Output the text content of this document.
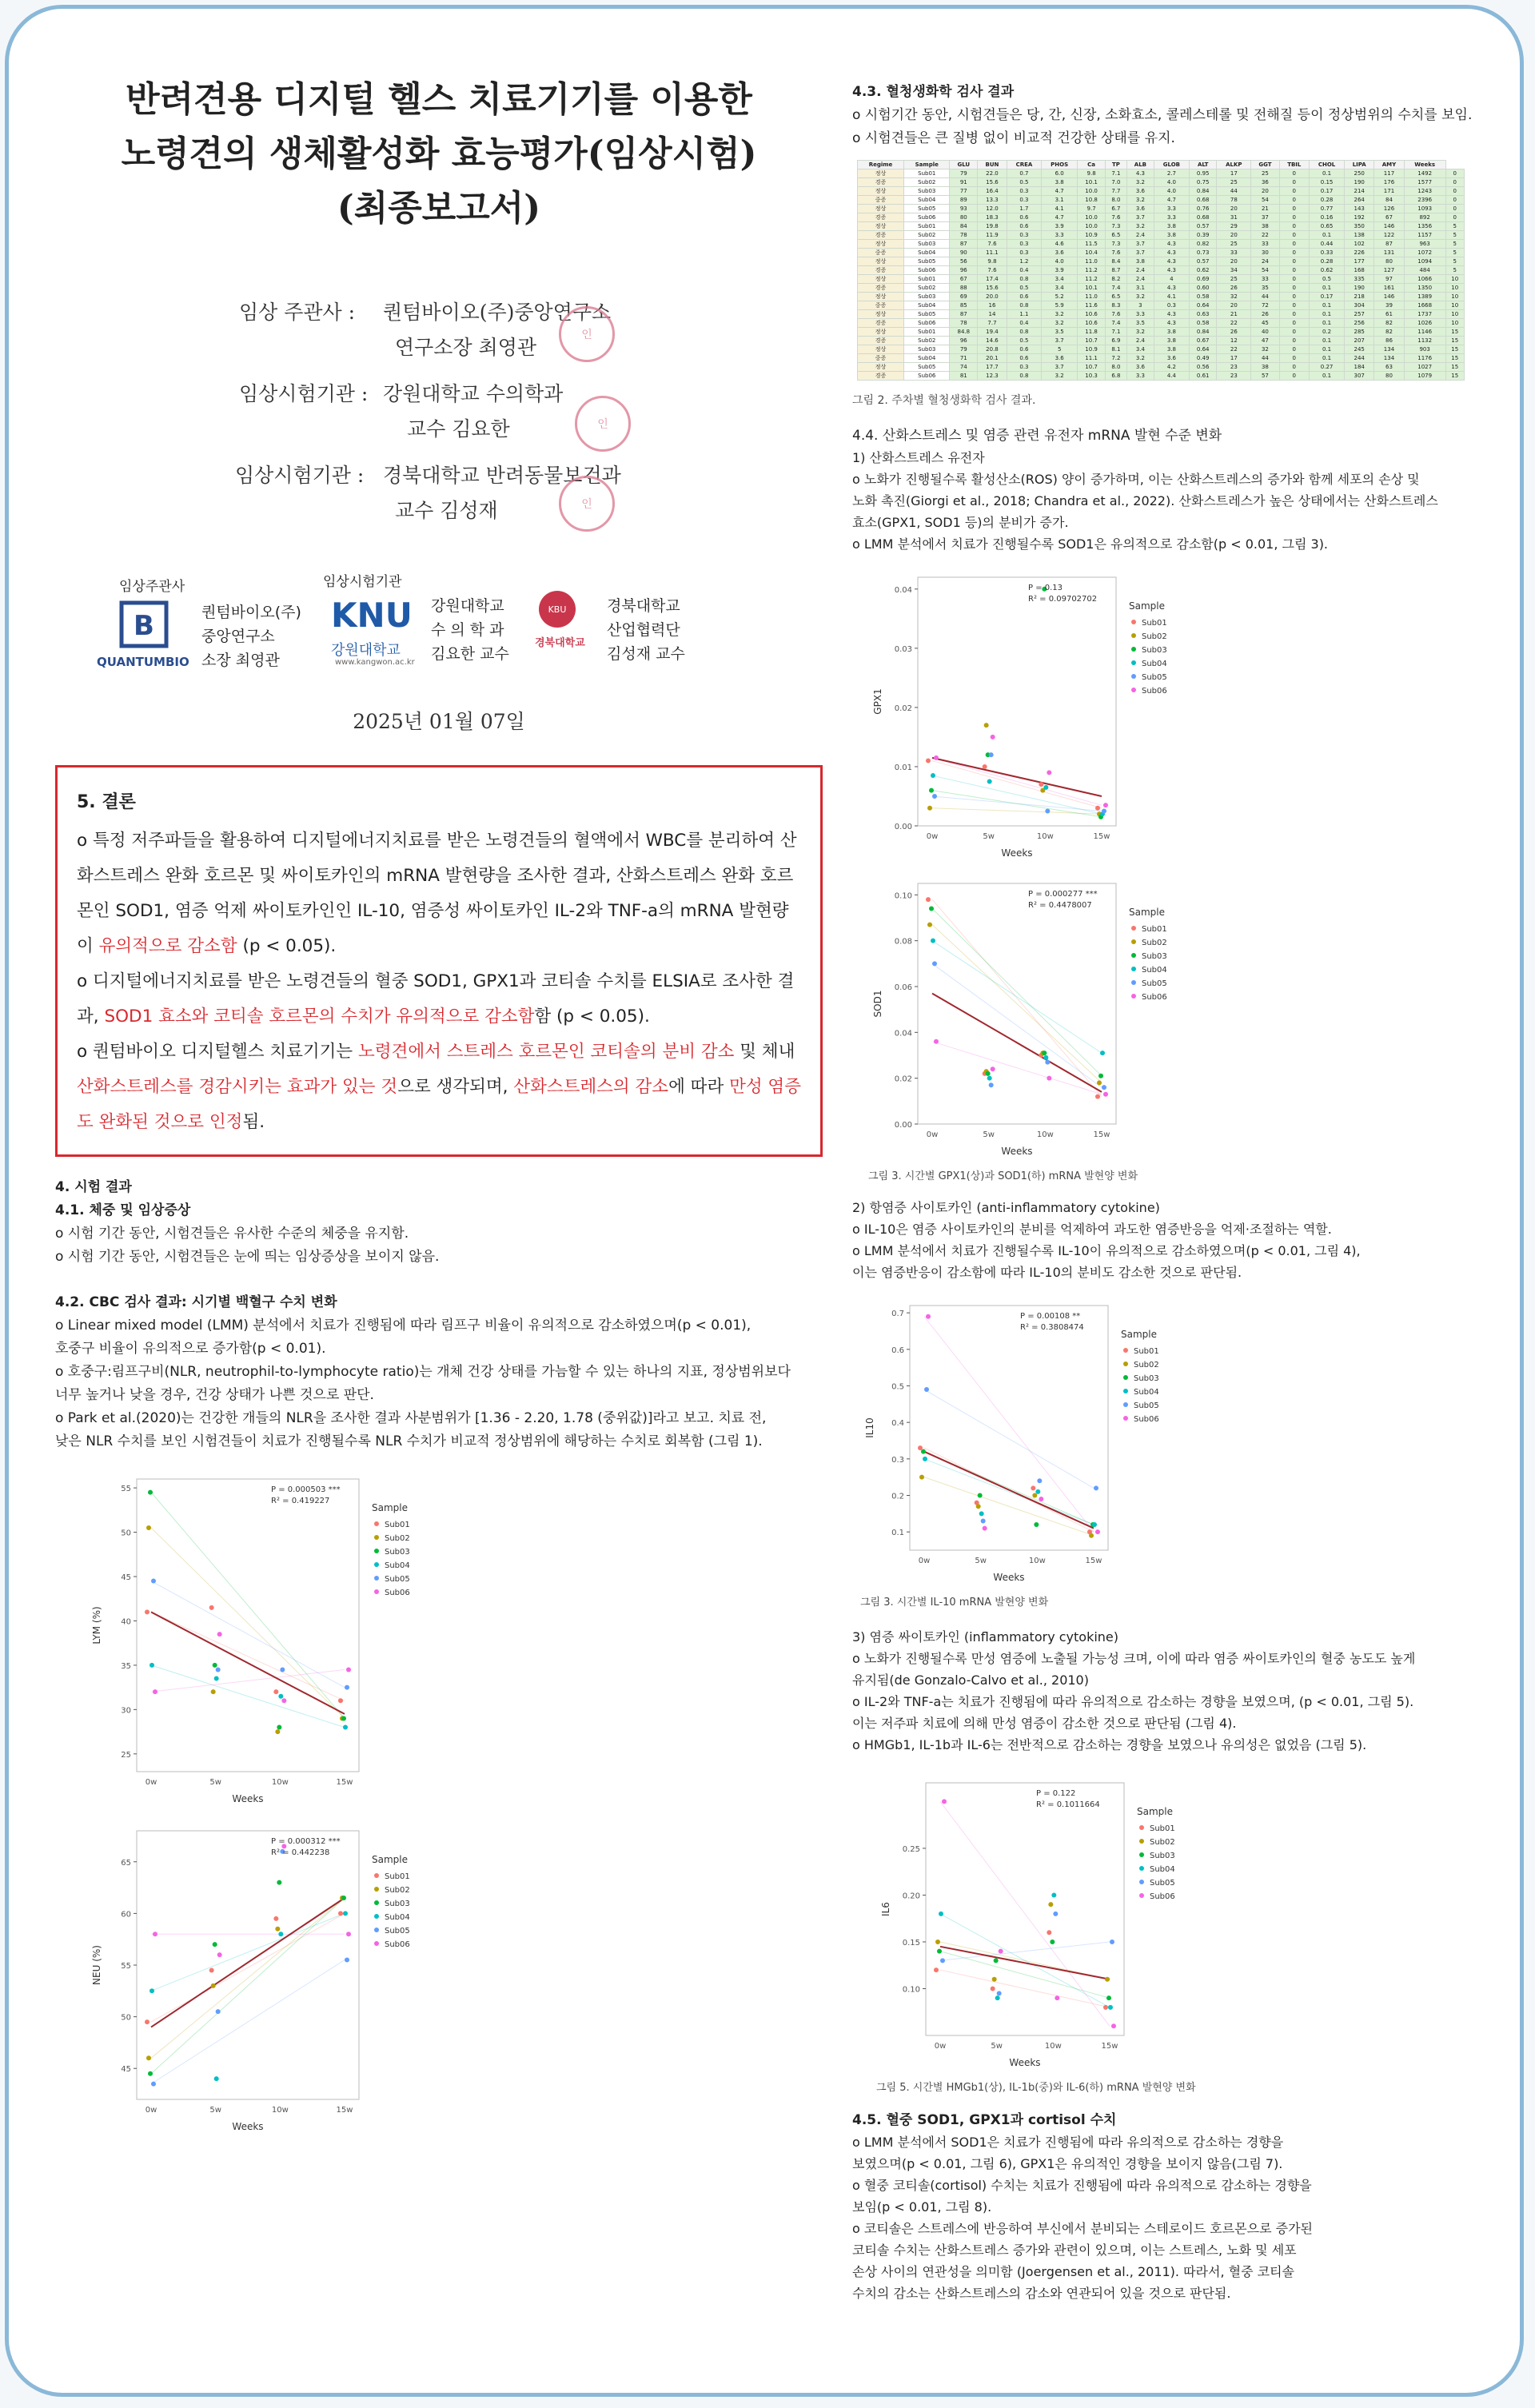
반려견용 디지털 헬스 치료기기를 이용한
노령견의 생체활성화 효능평가(임상시험)
(최종보고서)
임상 주관사 : 퀀텀바이오(주)중앙연구소
연구소장 최영관
인
임상시험기관 : 강원대학교 수의학과
교수 김요한	인
임상시험기관 : 경북대학교 반려동물보건과
교수 김성재	인
임상주관사
B
QUANTUMBIO
퀀텀바이오(주)
중앙연구소
소장 최영관
임상시험기관
KNU
강원대학교
www.kangwon.ac.kr
강원대학교
수 의 학 과
김요한 교수
KBU
경북대학교
경북대학교
산업협력단
김성재 교수
2025년 01월 07일
5. 결론

o 특정 저주파들을 활용하여 디지털에너지치료를 받은 노령견들의 혈액에서 WBC를 분리하여 산화스트레스 완화 호르몬 및 싸이토카인의 mRNA 발현량을 조사한 결과, 산화스트레스 완화 호르몬인 SOD1, 염증 억제 싸이토카인인 IL-10, 염증성 싸이토카인 IL-2와 TNF-a의 mRNA 발현량이 유의적으로 감소함 (p < 0.05).

o 디지털에너지치료를 받은 노령견들의 혈중 SOD1, GPX1과 코티솔 수치를 ELSIA로 조사한 결과, SOD1 효소와 코티솔 호르몬의 수치가 유의적으로 감소함함 (p < 0.05).

o 퀀텀바이오 디지털헬스 치료기기는 노령견에서 스트레스 호르몬인 코티솔의 분비 감소 및 체내 산화스트레스를 경감시키는 효과가 있는 것으로 생각되며, 산화스트레스의 감소에 따라 만성 염증도 완화된 것으로 인정됨.

4. 시험 결과
4.1. 체중 및 임상증상

o 시험 기간 동안, 시험견들은 유사한 수준의 체중을 유지함.

o 시험 기간 동안, 시험견들은 눈에 띄는 임상증상을 보이지 않음.

4.2. CBC 검사 결과: 시기별 백혈구 수치 변화

o Linear mixed model (LMM) 분석에서 치료가 진행됨에 따라 림프구 비율이 유의적으로 감소하였으며(p < 0.01),

호중구 비율이 유의적으로 증가함(p < 0.01).

o 호중구:림프구비(NLR, neutrophil-to-lymphocyte ratio)는 개체 건강 상태를 가늠할 수 있는 하나의 지표, 정상범위보다

너무 높거나 낮을 경우, 건강 상태가 나쁜 것으로 판단.

o Park et al.(2020)는 건강한 개들의 NLR을 조사한 결과 사분범위가 [1.36 - 2.20, 1.78 (중위값)]라고 보고. 치료 전,

낮은 NLR 수치를 보인 시험견들이 치료가 진행될수록 NLR 수치가 비교적 정상범위에 해당하는 수치로 회복함 (그림 1).

25
30
35
40
45
50
55
0w	5w	10w	15w
Weeks
LYM (%)
P = 0.000503 ***
R² = 0.419227
Sample
Sub01
Sub02
Sub03
Sub04
Sub05
Sub06
45
50
55
60
65
0w	5w	10w	15w
Weeks
NEU (%)
P = 0.000312 ***
R² = 0.442238
Sample
Sub01
Sub02
Sub03
Sub04
Sub05
Sub06
4.3. 혈청생화학 검사 결과

o 시험기간 동안, 시험견들은 당, 간, 신장, 소화효소, 콜레스테롤 및 전해질 등이 정상범위의 수치를 보임.

o 시험견들은 큰 질병 없이 비교적 건강한 상태를 유지.

Regime	Sample	GLU	BUN	CREA	PHOS	Ca	TP	ALB	GLOB	ALT	ALKP	GGT	TBIL	CHOL	LIPA	AMY	Weeks	
정상	Sub01	79	22.0	0.7	6.0	9.8	7.1	4.3	2.7	0.95	17	25	0	0.1	250	117	1492	0
경증	Sub02	91	15.6	0.5	3.8	10.1	7.0	3.2	4.0	0.75	25	36	0	0.15	190	176	1577	0
정상	Sub03	77	16.4	0.3	4.7	10.0	7.7	3.6	4.0	0.84	44	20	0	0.17	214	171	1243	0
중증	Sub04	89	13.3	0.3	3.1	10.8	8.0	3.2	4.7	0.68	78	54	0	0.28	264	84	2396	0
정상	Sub05	93	12.0	1.7	4.1	9.7	6.7	3.6	3.3	0.76	20	21	0	0.77	143	126	1093	0
경증	Sub06	80	18.3	0.6	4.7	10.0	7.6	3.7	3.3	0.68	31	37	0	0.16	192	67	892	0
정상	Sub01	84	19.8	0.6	3.9	10.0	7.3	3.2	3.8	0.57	29	38	0	0.65	350	146	1356	5
경증	Sub02	78	11.9	0.3	3.3	10.9	6.5	2.4	3.8	0.39	20	22	0	0.1	138	122	1157	5
정상	Sub03	87	7.6	0.3	4.6	11.5	7.3	3.7	4.3	0.82	25	33	0	0.44	102	87	963	5
중증	Sub04	90	11.1	0.3	3.6	10.4	7.6	3.7	4.3	0.73	33	30	0	0.33	226	131	1072	5
정상	Sub05	56	9.8	1.2	4.0	11.0	8.4	3.8	4.3	0.57	20	24	0	0.28	177	80	1094	5
경증	Sub06	96	7.6	0.4	3.9	11.2	8.7	2.4	4.3	0.62	34	54	0	0.62	168	127	484	5
정상	Sub01	67	17.4	0.8	3.4	11.2	8.2	2.4	4	0.69	25	33	0	0.5	335	97	1066	10
경증	Sub02	88	15.6	0.5	3.4	10.1	7.4	3.1	4.3	0.60	26	35	0	0.1	190	161	1350	10
정상	Sub03	69	20.0	0.6	5.2	11.0	6.5	3.2	4.1	0.58	32	44	0	0.17	218	146	1389	10
중증	Sub04	85	16	0.8	5.9	11.6	8.3	3	0.3	0.64	20	72	0	0.1	304	39	1668	10
정상	Sub05	87	14	1.1	3.2	10.6	7.6	3.3	4.3	0.63	21	26	0	0.1	257	61	1737	10
경증	Sub06	78	7.7	0.4	3.2	10.6	7.4	3.5	4.3	0.58	22	45	0	0.1	256	82	1026	10
정상	Sub01	84.8	19.4	0.8	3.5	11.8	7.1	3.2	3.8	0.84	26	40	0	0.2	285	82	1146	15
경증	Sub02	96	14.6	0.5	3.7	10.7	6.9	2.4	3.8	0.67	12	47	0	0.1	207	86	1132	15
정상	Sub03	79	20.8	0.6	5	10.9	8.1	3.4	3.8	0.64	22	32	0	0.1	245	134	903	15
중증	Sub04	71	20.1	0.6	3.6	11.1	7.2	3.2	3.6	0.49	17	44	0	0.1	244	134	1176	15
정상	Sub05	74	17.7	0.3	3.7	10.7	8.0	3.6	4.2	0.56	23	38	0	0.27	184	63	1027	15
경증	Sub06	81	12.3	0.8	3.2	10.3	6.8	3.3	4.4	0.61	23	57	0	0.1	307	80	1079	15

그림 2. 주차별 혈청생화학 검사 결과.

4.4. 산화스트레스 및 염증 관련 유전자 mRNA 발현 수준 변화

1) 산화스트레스 유전자

o 노화가 진행될수록 활성산소(ROS) 양이 증가하며, 이는 산화스트레스의 증가와 함께 세포의 손상 및

노화 촉진(Giorgi et al., 2018; Chandra et al., 2022). 산화스트레스가 높은 상태에서는 산화스트레스

효소(GPX1, SOD1 등)의 분비가 증가.

o LMM 분석에서 치료가 진행될수록 SOD1은 유의적으로 감소함(p < 0.01, 그림 3).

0.00
0.01
0.02
0.03
0.04
0w	5w	10w	15w
Weeks
GPX1
P = 0.13
R² = 0.09702702
Sample
Sub01
Sub02
Sub03
Sub04
Sub05
Sub06
0.00
0.02
0.04
0.06
0.08
0.10
0w	5w	10w	15w
Weeks
SOD1
P = 0.000277 ***
R² = 0.4478007
Sample
Sub01
Sub02
Sub03
Sub04
Sub05
Sub06

그림 3. 시간별 GPX1(상)과 SOD1(하) mRNA 발현양 변화

2) 항염증 사이토카인 (anti-inflammatory cytokine)

o IL-10은 염증 사이토카인의 분비를 억제하여 과도한 염증반응을 억제·조절하는 역할.

o LMM 분석에서 치료가 진행될수록 IL-10이 유의적으로 감소하였으며(p < 0.01, 그림 4),

이는 염증반응이 감소함에 따라 IL-10의 분비도 감소한 것으로 판단됨.

0.1
0.2
0.3
0.4
0.5
0.6
0.7
0w	5w	10w	15w
Weeks
IL10
P = 0.00108 **
R² = 0.3808474
Sample
Sub01
Sub02
Sub03
Sub04
Sub05
Sub06

그림 3. 시간별 IL-10 mRNA 발현양 변화

3) 염증 싸이토카인 (inflammatory cytokine)

o 노화가 진행될수록 만성 염증에 노출될 가능성 크며, 이에 따라 염증 싸이토카인의 혈중 농도도 높게

유지됨(de Gonzalo-Calvo et al., 2010)

o IL-2와 TNF-a는 치료가 진행됨에 따라 유의적으로 감소하는 경향을 보였으며, (p < 0.01, 그림 5).

이는 저주파 치료에 의해 만성 염증이 감소한 것으로 판단됨 (그림 4).

o HMGb1, IL-1b과 IL-6는 전반적으로 감소하는 경향을 보였으나 유의성은 없었음 (그림 5).

0.10
0.15
0.20
0.25
0w	5w	10w	15w
Weeks
IL6
P = 0.122
R² = 0.1011664
Sample
Sub01
Sub02
Sub03
Sub04
Sub05
Sub06

그림 5. 시간별 HMGb1(상), IL-1b(중)와 IL-6(하) mRNA 발현양 변화

4.5. 혈중 SOD1, GPX1과 cortisol 수치

o LMM 분석에서 SOD1은 치료가 진행됨에 따라 유의적으로 감소하는 경향을

보였으며(p < 0.01, 그림 6), GPX1은 유의적인 경향을 보이지 않음(그림 7).

o 혈중 코티솔(cortisol) 수치는 치료가 진행됨에 따라 유의적으로 감소하는 경향을

보임(p < 0.01, 그림 8).

o 코티솔은 스트레스에 반응하여 부신에서 분비되는 스테로이드 호르몬으로 증가된

코티솔 수치는 산화스트레스 증가와 관련이 있으며, 이는 스트레스, 노화 및 세포

손상 사이의 연관성을 의미함 (Joergensen et al., 2011). 따라서, 혈중 코티솔

수치의 감소는 산화스트레스의 감소와 연관되어 있을 것으로 판단됨.
